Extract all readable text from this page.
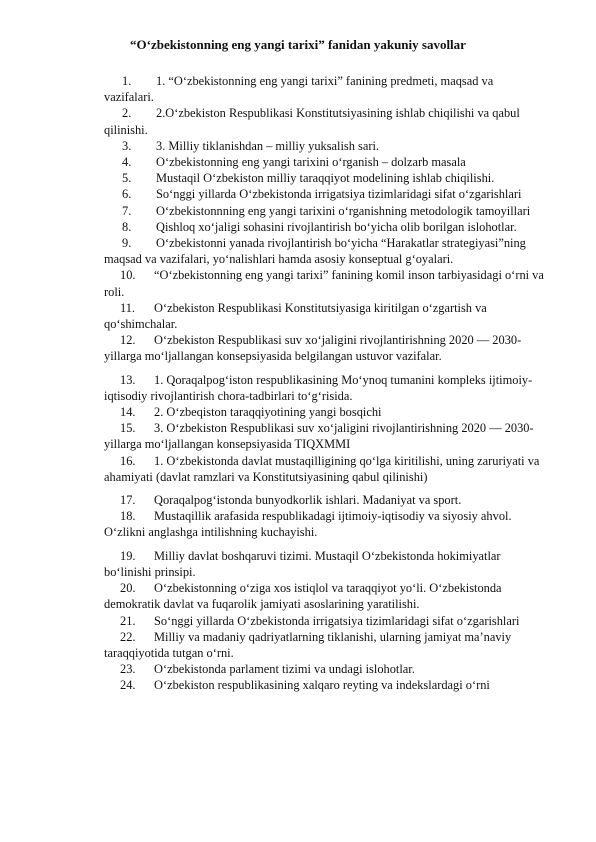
“O‘zbekistonning eng yangi tarixi” fanidan yakuniy savollar
1. 1. “O‘zbekistonning eng yangi tarixi” fanining predmeti, maqsad va vazifalari.
2. 2.O‘zbekiston Respublikasi Konstitutsiyasining ishlab chiqilishi va qabul qilinishi.
3. 3. Milliy tiklanishdan – milliy yuksalish sari.
4. O‘zbekistonning eng yangi tarixini o‘rganish – dolzarb masala
5. Mustaqil O‘zbekiston milliy taraqqiyot modelining ishlab chiqilishi.
6. So‘nggi yillarda O‘zbekistonda irrigatsiya tizimlaridagi sifat o‘zgarishlari
7. O‘zbekistonnning eng yangi tarixini o‘rganishning metodologik tamoyillari
8. Qishloq xo‘jaligi sohasini rivojlantirish bo‘yicha olib borilgan islohotlar.
9. O‘zbekistonni yanada rivojlantirish bo‘yicha “Harakatlar strategiyasi”ning maqsad va vazifalari, yo‘nalishlari hamda asosiy konseptual g‘oyalari.
10. “O‘zbekistonning eng yangi tarixi” fanining komil inson tarbiyasidagi o‘rni va roli.
11. O‘zbekiston Respublikasi Konstitutsiyasiga kiritilgan o‘zgartish va qo‘shimchalar.
12. O‘zbekiston Respublikasi suv xo‘jaligini rivojlantirishning 2020 — 2030-yillarga mo‘ljallangan konsepsiyasida belgilangan ustuvor vazifalar.
13. 1. Qoraqalpog‘iston respublikasining Mo‘ynoq tumanini kompleks ijtimoiy-iqtisodiy rivojlantirish chora-tadbirlari to‘g‘risida.
14. 2. O‘zbeqiston taraqqiyotining yangi bosqichi
15. 3. O‘zbekiston Respublikasi suv xo‘jaligini rivojlantirishning 2020 — 2030-yillarga mo‘ljallangan konsepsiyasida TIQXMMI
16. 1. O‘zbekistonda davlat mustaqilligining qo‘lga kiritilishi, uning zaruriyati va ahamiyati (davlat ramzlari va Konstitutsiyasining qabul qilinishi)
17. Qoraqalpog‘istonda bunyodkorlik ishlari. Madaniyat va sport.
18. Mustaqillik arafasida respublikadagi ijtimoiy-iqtisodiy va siyosiy ahvol. O‘zlikni anglashga intilishning kuchayishi.
19. Milliy davlat boshqaruvi tizimi. Mustaqil O‘zbekistonda hokimiyatlar bo‘linishi prinsipi.
20. O‘zbekistonning o‘ziga xos istiqlol va taraqqiyot yo‘li. O‘zbekistonda demokratik davlat va fuqarolik jamiyati asoslarining yaratilishi.
21. So‘nggi yillarda O‘zbekistonda irrigatsiya tizimlaridagi sifat o‘zgarishlari
22. Milliy va madaniy qadriyatlarning tiklanishi, ularning jamiyat ma’naviy taraqqiyotida tutgan o‘rni.
23. O‘zbekistonda parlament tizimi va undagi islohotlar.
24. O‘zbekiston respublikasining xalqaro reyting va indekslardagi o‘rni
